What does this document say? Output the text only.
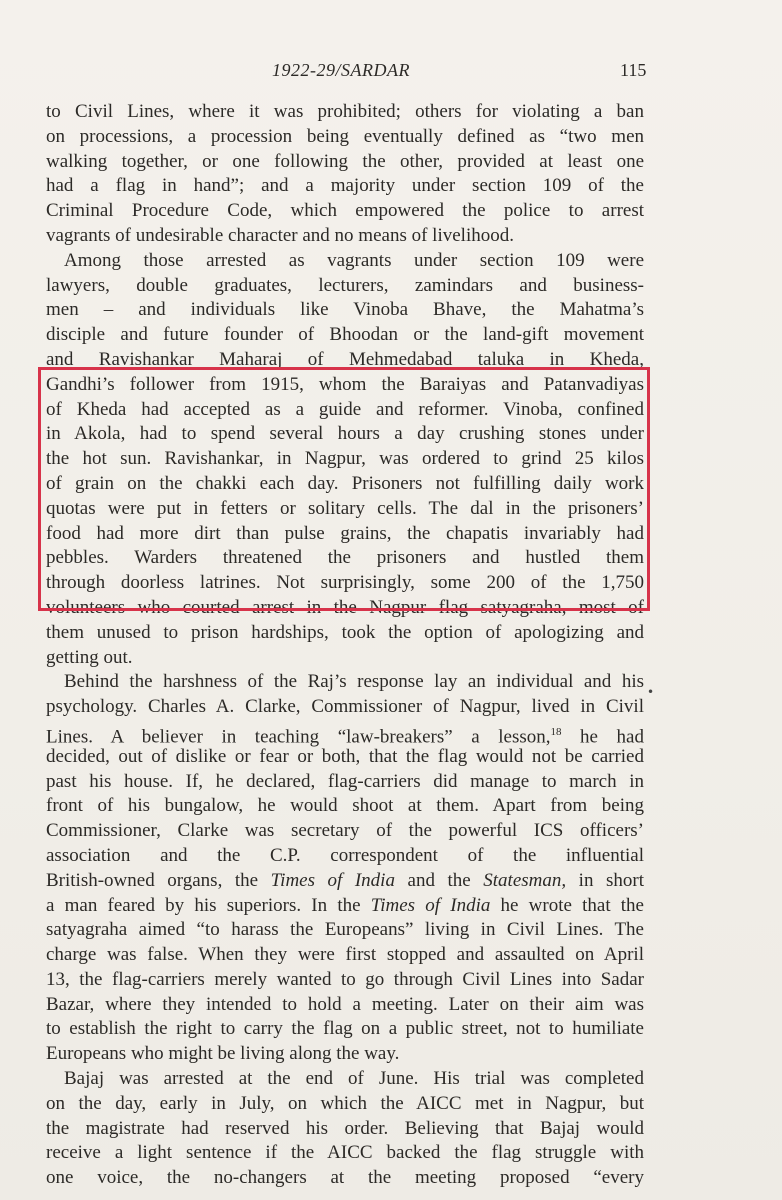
1922-29/SARDAR	115
to Civil Lines, where it was prohibited; others for violating a ban
on processions, a procession being eventually defined as “two men
walking together, or one following the other, provided at least one
had a flag in hand”; and a majority under section 109 of the
Criminal Procedure Code, which empowered the police to arrest
vagrants of undesirable character and no means of livelihood.
Among those arrested as vagrants under section 109 were
lawyers, double graduates, lecturers, zamindars and business-
men – and individuals like Vinoba Bhave, the Mahatma’s
disciple and future founder of Bhoodan or the land-gift movement
and Ravishankar Maharaj of Mehmedabad taluka in Kheda,
Gandhi’s follower from 1915, whom the Baraiyas and Patanvadiyas
of Kheda had accepted as a guide and reformer. Vinoba, confined
in Akola, had to spend several hours a day crushing stones under
the hot sun. Ravishankar, in Nagpur, was ordered to grind 25 kilos
of grain on the chakki each day. Prisoners not fulfilling daily work
quotas were put in fetters or solitary cells. The dal in the prisoners’
food had more dirt than pulse grains, the chapatis invariably had
pebbles. Warders threatened the prisoners and hustled them
through doorless latrines. Not surprisingly, some 200 of the 1,750
volunteers who courted arrest in the Nagpur flag satyagraha, most of
them unused to prison hardships, took the option of apologizing and
getting out.
Behind the harshness of the Raj’s response lay an individual and his
psychology. Charles A. Clarke, Commissioner of Nagpur, lived in Civil
Lines. A believer in teaching “law-breakers” a lesson,$^{18}$ he had
decided, out of dislike or fear or both, that the flag would not be carried
past his house. If, he declared, flag-carriers did manage to march in
front of his bungalow, he would shoot at them. Apart from being
Commissioner, Clarke was secretary of the powerful ICS officers’
association and the C.P. correspondent of the influential
British-owned organs, the Times of India and the Statesman, in short
a man feared by his superiors. In the Times of India he wrote that the
satyagraha aimed “to harass the Europeans” living in Civil Lines. The
charge was false. When they were first stopped and assaulted on April
13, the flag-carriers merely wanted to go through Civil Lines into Sadar
Bazar, where they intended to hold a meeting. Later on their aim was
to establish the right to carry the flag on a public street, not to humiliate
Europeans who might be living along the way.
Bajaj was arrested at the end of June. His trial was completed
on the day, early in July, on which the AICC met in Nagpur, but
the magistrate had reserved his order. Believing that Bajaj would
receive a light sentence if the AICC backed the flag struggle with
one voice, the no-changers at the meeting proposed “every
•
